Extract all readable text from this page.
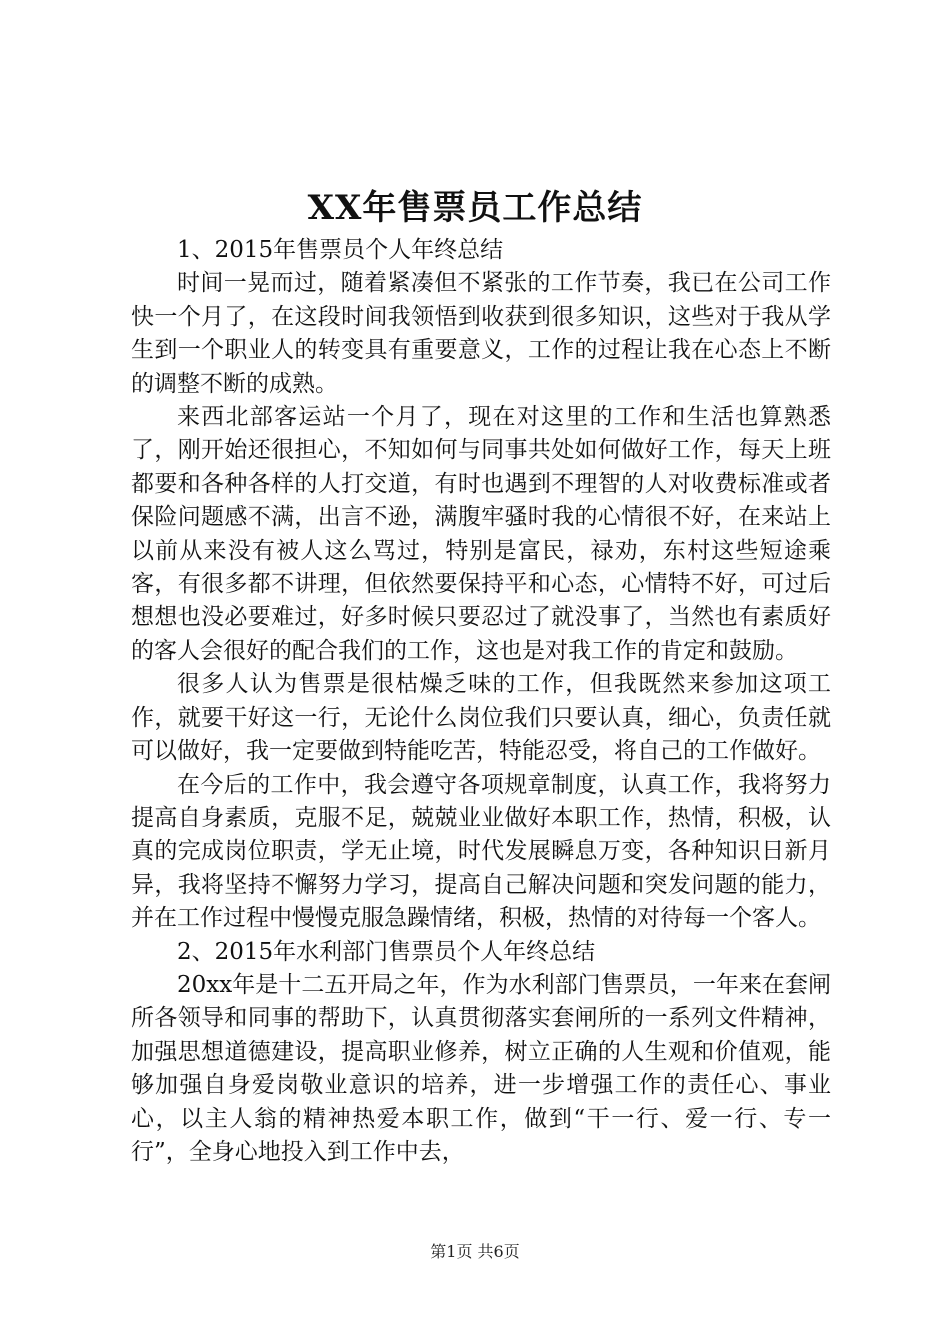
XX年售票员工作总结

1、2015年售票员个人年终总结

时间一晃而过，随着紧凑但不紧张的工作节奏，我已在公司工作快一个月了，在这段时间我领悟到收获到很多知识，这些对于我从学生到一个职业人的转变具有重要意义，工作的过程让我在心态上不断的调整不断的成熟。

来西北部客运站一个月了，现在对这里的工作和生活也算熟悉了，刚开始还很担心，不知如何与同事共处如何做好工作，每天上班都要和各种各样的人打交道，有时也遇到不理智的人对收费标准或者保险问题感不满，出言不逊，满腹牢骚时我的心情很不好，在来站上以前从来没有被人这么骂过，特别是富民，禄劝，东村这些短途乘客，有很多都不讲理，但依然要保持平和心态，心情特不好，可过后想想也没必要难过，好多时候只要忍过了就没事了，当然也有素质好的客人会很好的配合我们的工作，这也是对我工作的肯定和鼓励。

很多人认为售票是很枯燥乏味的工作，但我既然来参加这项工作，就要干好这一行，无论什么岗位我们只要认真，细心，负责任就可以做好，我一定要做到特能吃苦，特能忍受，将自己的工作做好。

在今后的工作中，我会遵守各项规章制度，认真工作，我将努力提高自身素质，克服不足，兢兢业业做好本职工作，热情，积极，认真的完成岗位职责，学无止境，时代发展瞬息万变，各种知识日新月异，我将坚持不懈努力学习，提高自己解决问题和突发问题的能力，并在工作过程中慢慢克服急躁情绪，积极，热情的对待每一个客人。

2、2015年水利部门售票员个人年终总结

20xx年是十二五开局之年，作为水利部门售票员，一年来在套闸所各领导和同事的帮助下，认真贯彻落实套闸所的一系列文件精神，加强思想道德建设，提高职业修养，树立正确的人生观和价值观，能够加强自身爱岗敬业意识的培养，进一步增强工作的责任心、事业心，以主人翁的精神热爱本职工作，做到“干一行、爱一行、专一行”，全身心地投入到工作中去，

第1页 共6页
